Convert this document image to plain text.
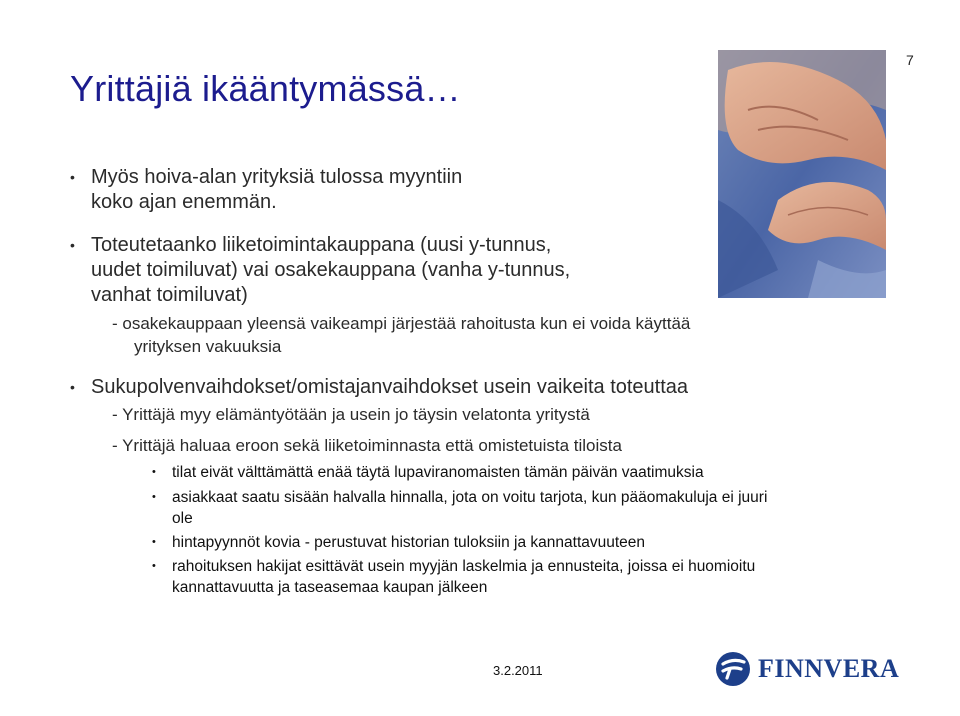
7
Yrittäjiä ikääntymässä…
• Myös hoiva-alan yrityksiä tulossa myyntiin
koko ajan enemmän.
• Toteutetaanko liiketoimintakauppana (uusi y-tunnus,
uudet toimiluvat) vai osakekauppana (vanha y-tunnus,
vanhat toimiluvat)
- osakekauppaan yleensä vaikeampi järjestää rahoitusta kun ei voida käyttää
yrityksen vakuuksia
• Sukupolvenvaihdokset/omistajanvaihdokset usein vaikeita toteuttaa
- Yrittäjä myy elämäntyötään ja usein jo täysin velatonta yritystä
- Yrittäjä haluaa eroon sekä liiketoiminnasta että omistetuista tiloista
• tilat eivät välttämättä enää täytä lupaviranomaisten tämän päivän vaatimuksia
• asiakkaat saatu sisään halvalla hinnalla, jota on voitu tarjota, kun pääomakuluja ei juuri
ole
• hintapyynnöt kovia - perustuvat historian tuloksiin ja kannattavuuteen
• rahoituksen hakijat esittävät usein myyjän laskelmia ja ennusteita, joissa ei huomioitu
kannattavuutta ja taseasemaa kaupan jälkeen
3.2.2011	FINNVERA
